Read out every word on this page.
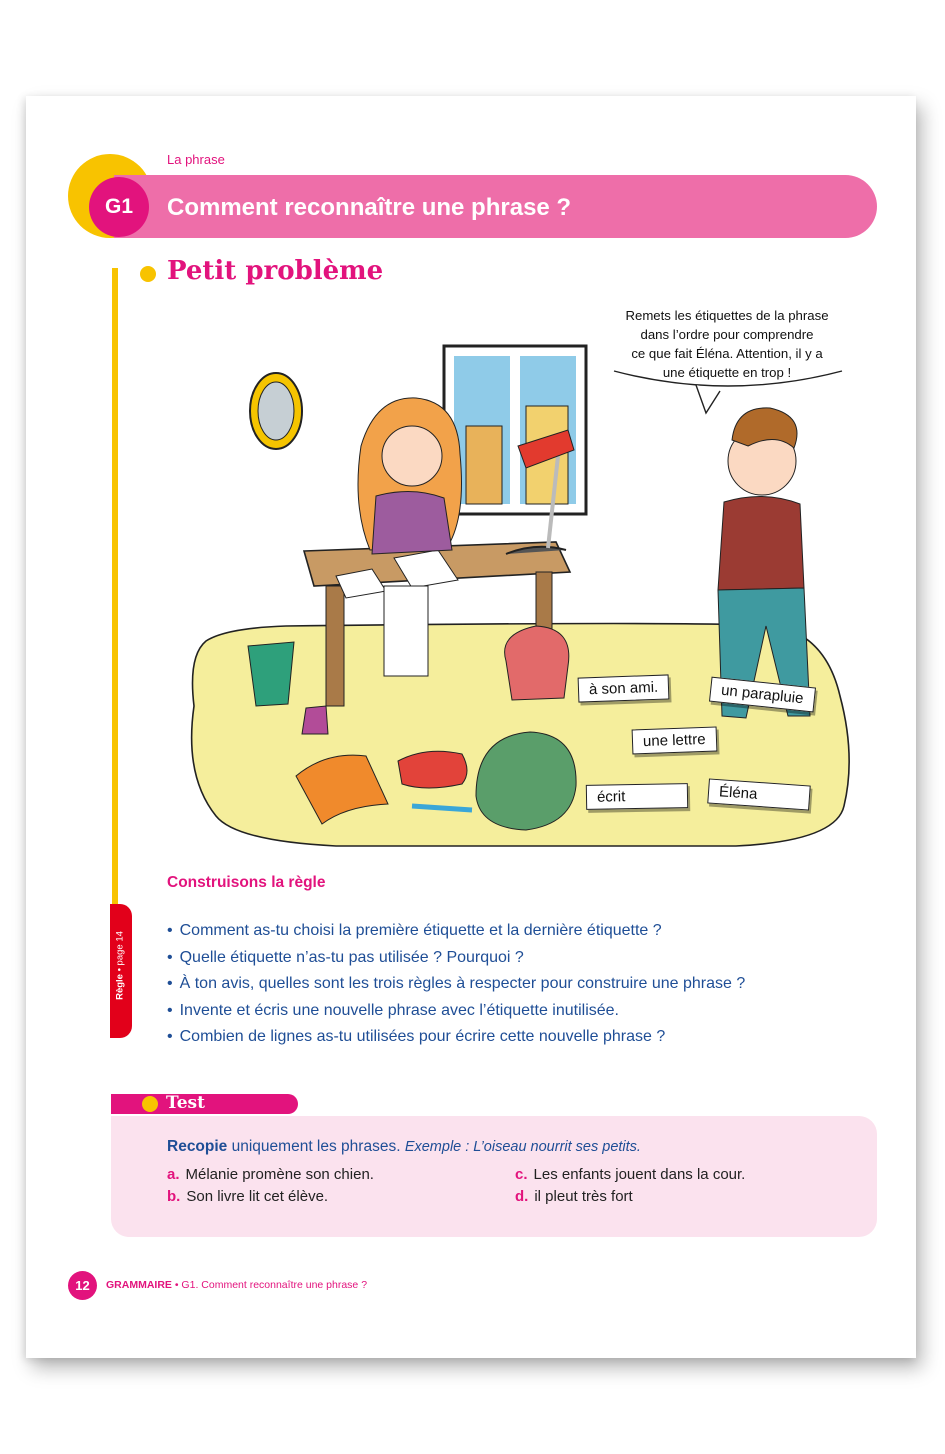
G1
La phrase
Comment reconnaître une phrase ?
Petit problème
Remets les étiquettes de la phrase
dans l’ordre pour comprendre
ce que fait Éléna. Attention, il y a
une étiquette en trop !
à son ami.	un parapluie
une lettre
écrit	Éléna
Construisons la règle
• Comment as-tu choisi la première étiquette et la dernière étiquette ?
• Quelle étiquette n’as-tu pas utilisée ? Pourquoi ?
• À ton avis, quelles sont les trois règles à respecter pour construire une phrase ?
• Invente et écris une nouvelle phrase avec l’étiquette inutilisée.
• Combien de lignes as-tu utilisées pour écrire cette nouvelle phrase ?
Règle • page 14
Test
Recopie uniquement les phrases. Exemple : L’oiseau nourrit ses petits.
a. Mélanie promène son chien.
b. Son livre lit cet élève.
c. Les enfants jouent dans la cour.
d. il pleut très fort
12	GRAMMAIRE • G1. Comment reconnaître une phrase ?
